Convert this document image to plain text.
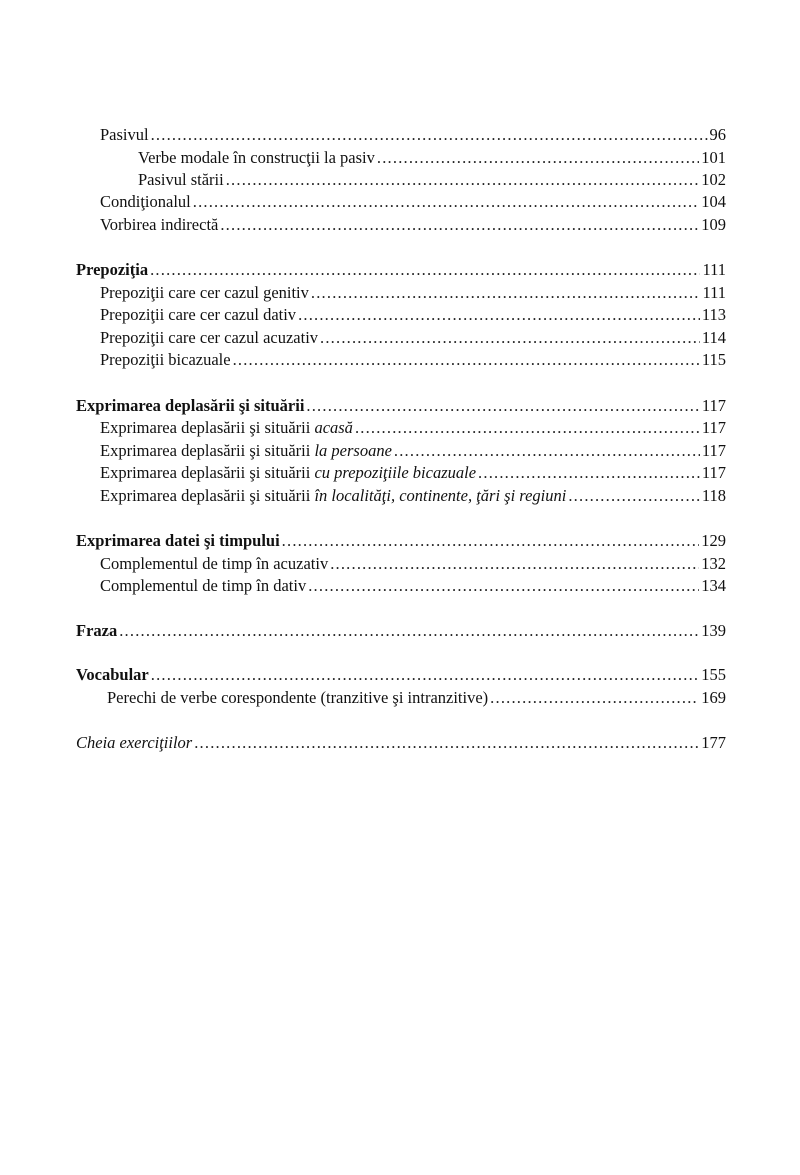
Pasivul .....	96
Verbe modale în construcţii la pasiv .....	101
Pasivul stării .....	102
Condiţionalul .....	104
Vorbirea indirectă .....	109
Prepoziţia .....	111
Prepoziţii care cer cazul genitiv .....	111
Prepoziţii care cer cazul dativ .....	113
Prepoziţii care cer cazul acuzativ .....	114
Prepoziţii bicazuale .....	115
Exprimarea deplasării şi situării .....	117
Exprimarea deplasării şi situării acasă .....	117
Exprimarea deplasării şi situării la persoane .....	117
Exprimarea deplasării şi situării cu prepoziţiile bicazuale .....	117
Exprimarea deplasării şi situării în localităţi, continente, ţări şi regiuni .....	118
Exprimarea datei şi timpului .....	129
Complementul de timp în acuzativ .....	132
Complementul de timp în dativ .....	134
Fraza .....	139
Vocabular .....	155
Perechi de verbe corespondente (tranzitive şi intranzitive) .....	169
Cheia exerciţiilor .....	177
